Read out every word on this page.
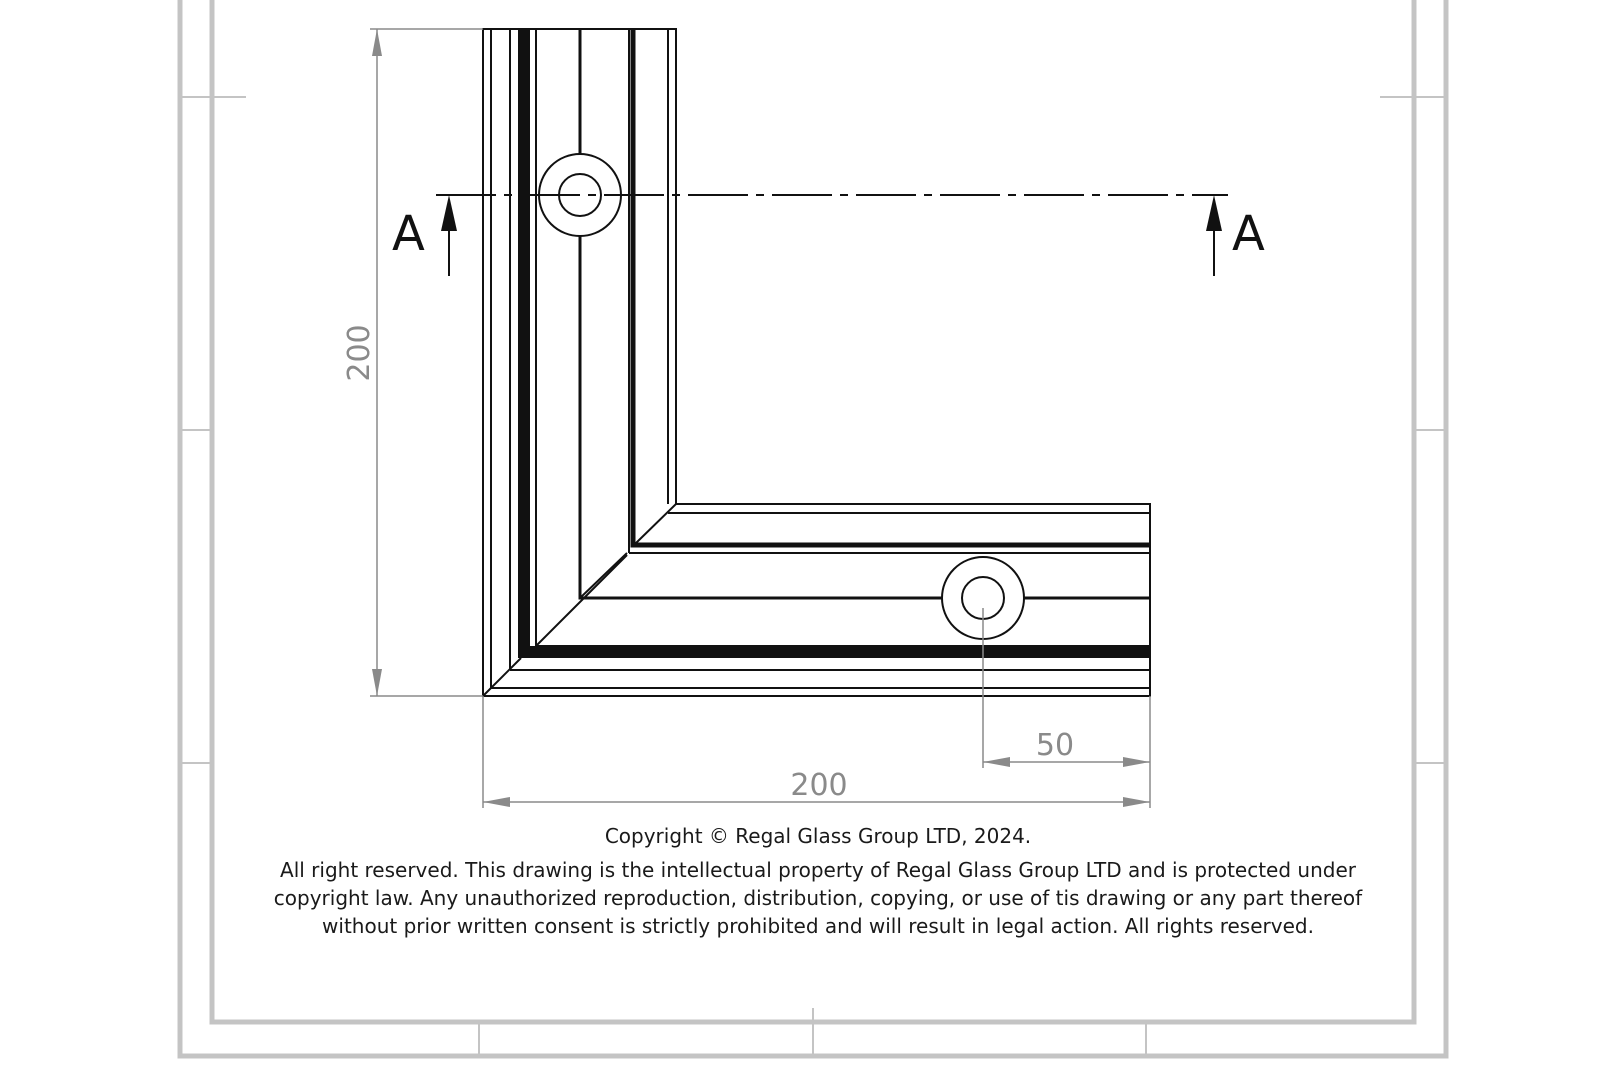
A	A
200
200
50
Copyright © Regal Glass Group LTD, 2024.
All right reserved. This drawing is the intellectual property of Regal Glass Group LTD and is protected under copyright law. Any unauthorized reproduction, distribution, copying, or use of tis drawing or any part thereof without prior written consent is strictly prohibited and will result in legal action. All rights reserved.
